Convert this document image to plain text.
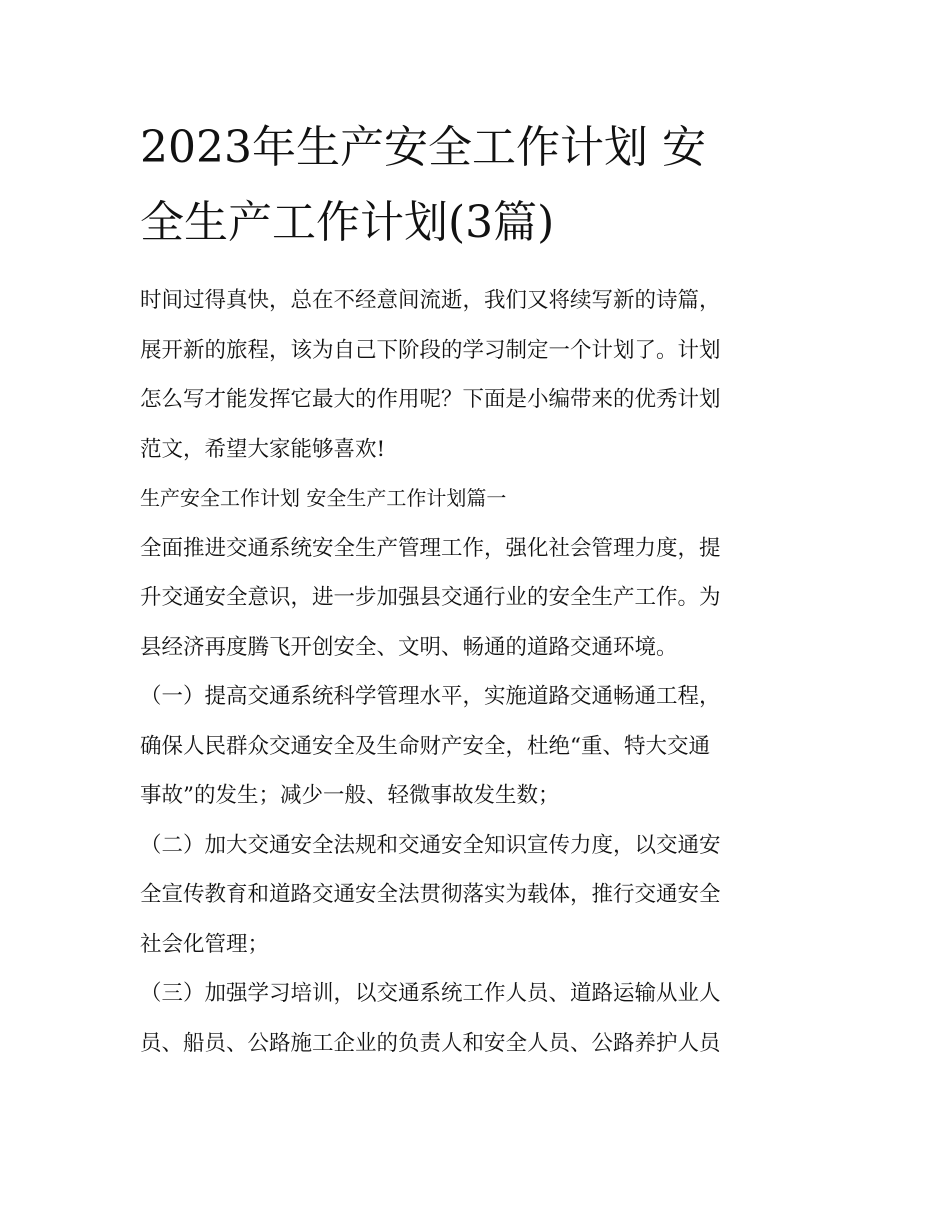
2023年生产安全工作计划 安
全生产工作计划(3篇)
时间过得真快，总在不经意间流逝，我们又将续写新的诗篇，
展开新的旅程，该为自己下阶段的学习制定一个计划了。计划
怎么写才能发挥它最大的作用呢？下面是小编带来的优秀计划
范文，希望大家能够喜欢!
生产安全工作计划 安全生产工作计划篇一
全面推进交通系统安全生产管理工作，强化社会管理力度，提
升交通安全意识，进一步加强县交通行业的安全生产工作。为
县经济再度腾飞开创安全、文明、畅通的道路交通环境。
（一）提高交通系统科学管理水平，实施道路交通畅通工程，
确保人民群众交通安全及生命财产安全，杜绝“重、特大交通
事故”的发生；减少一般、轻微事故发生数；
（二）加大交通安全法规和交通安全知识宣传力度，以交通安
全宣传教育和道路交通安全法贯彻落实为载体，推行交通安全
社会化管理；
（三）加强学习培训，以交通系统工作人员、道路运输从业人
员、船员、公路施工企业的负责人和安全人员、公路养护人员
